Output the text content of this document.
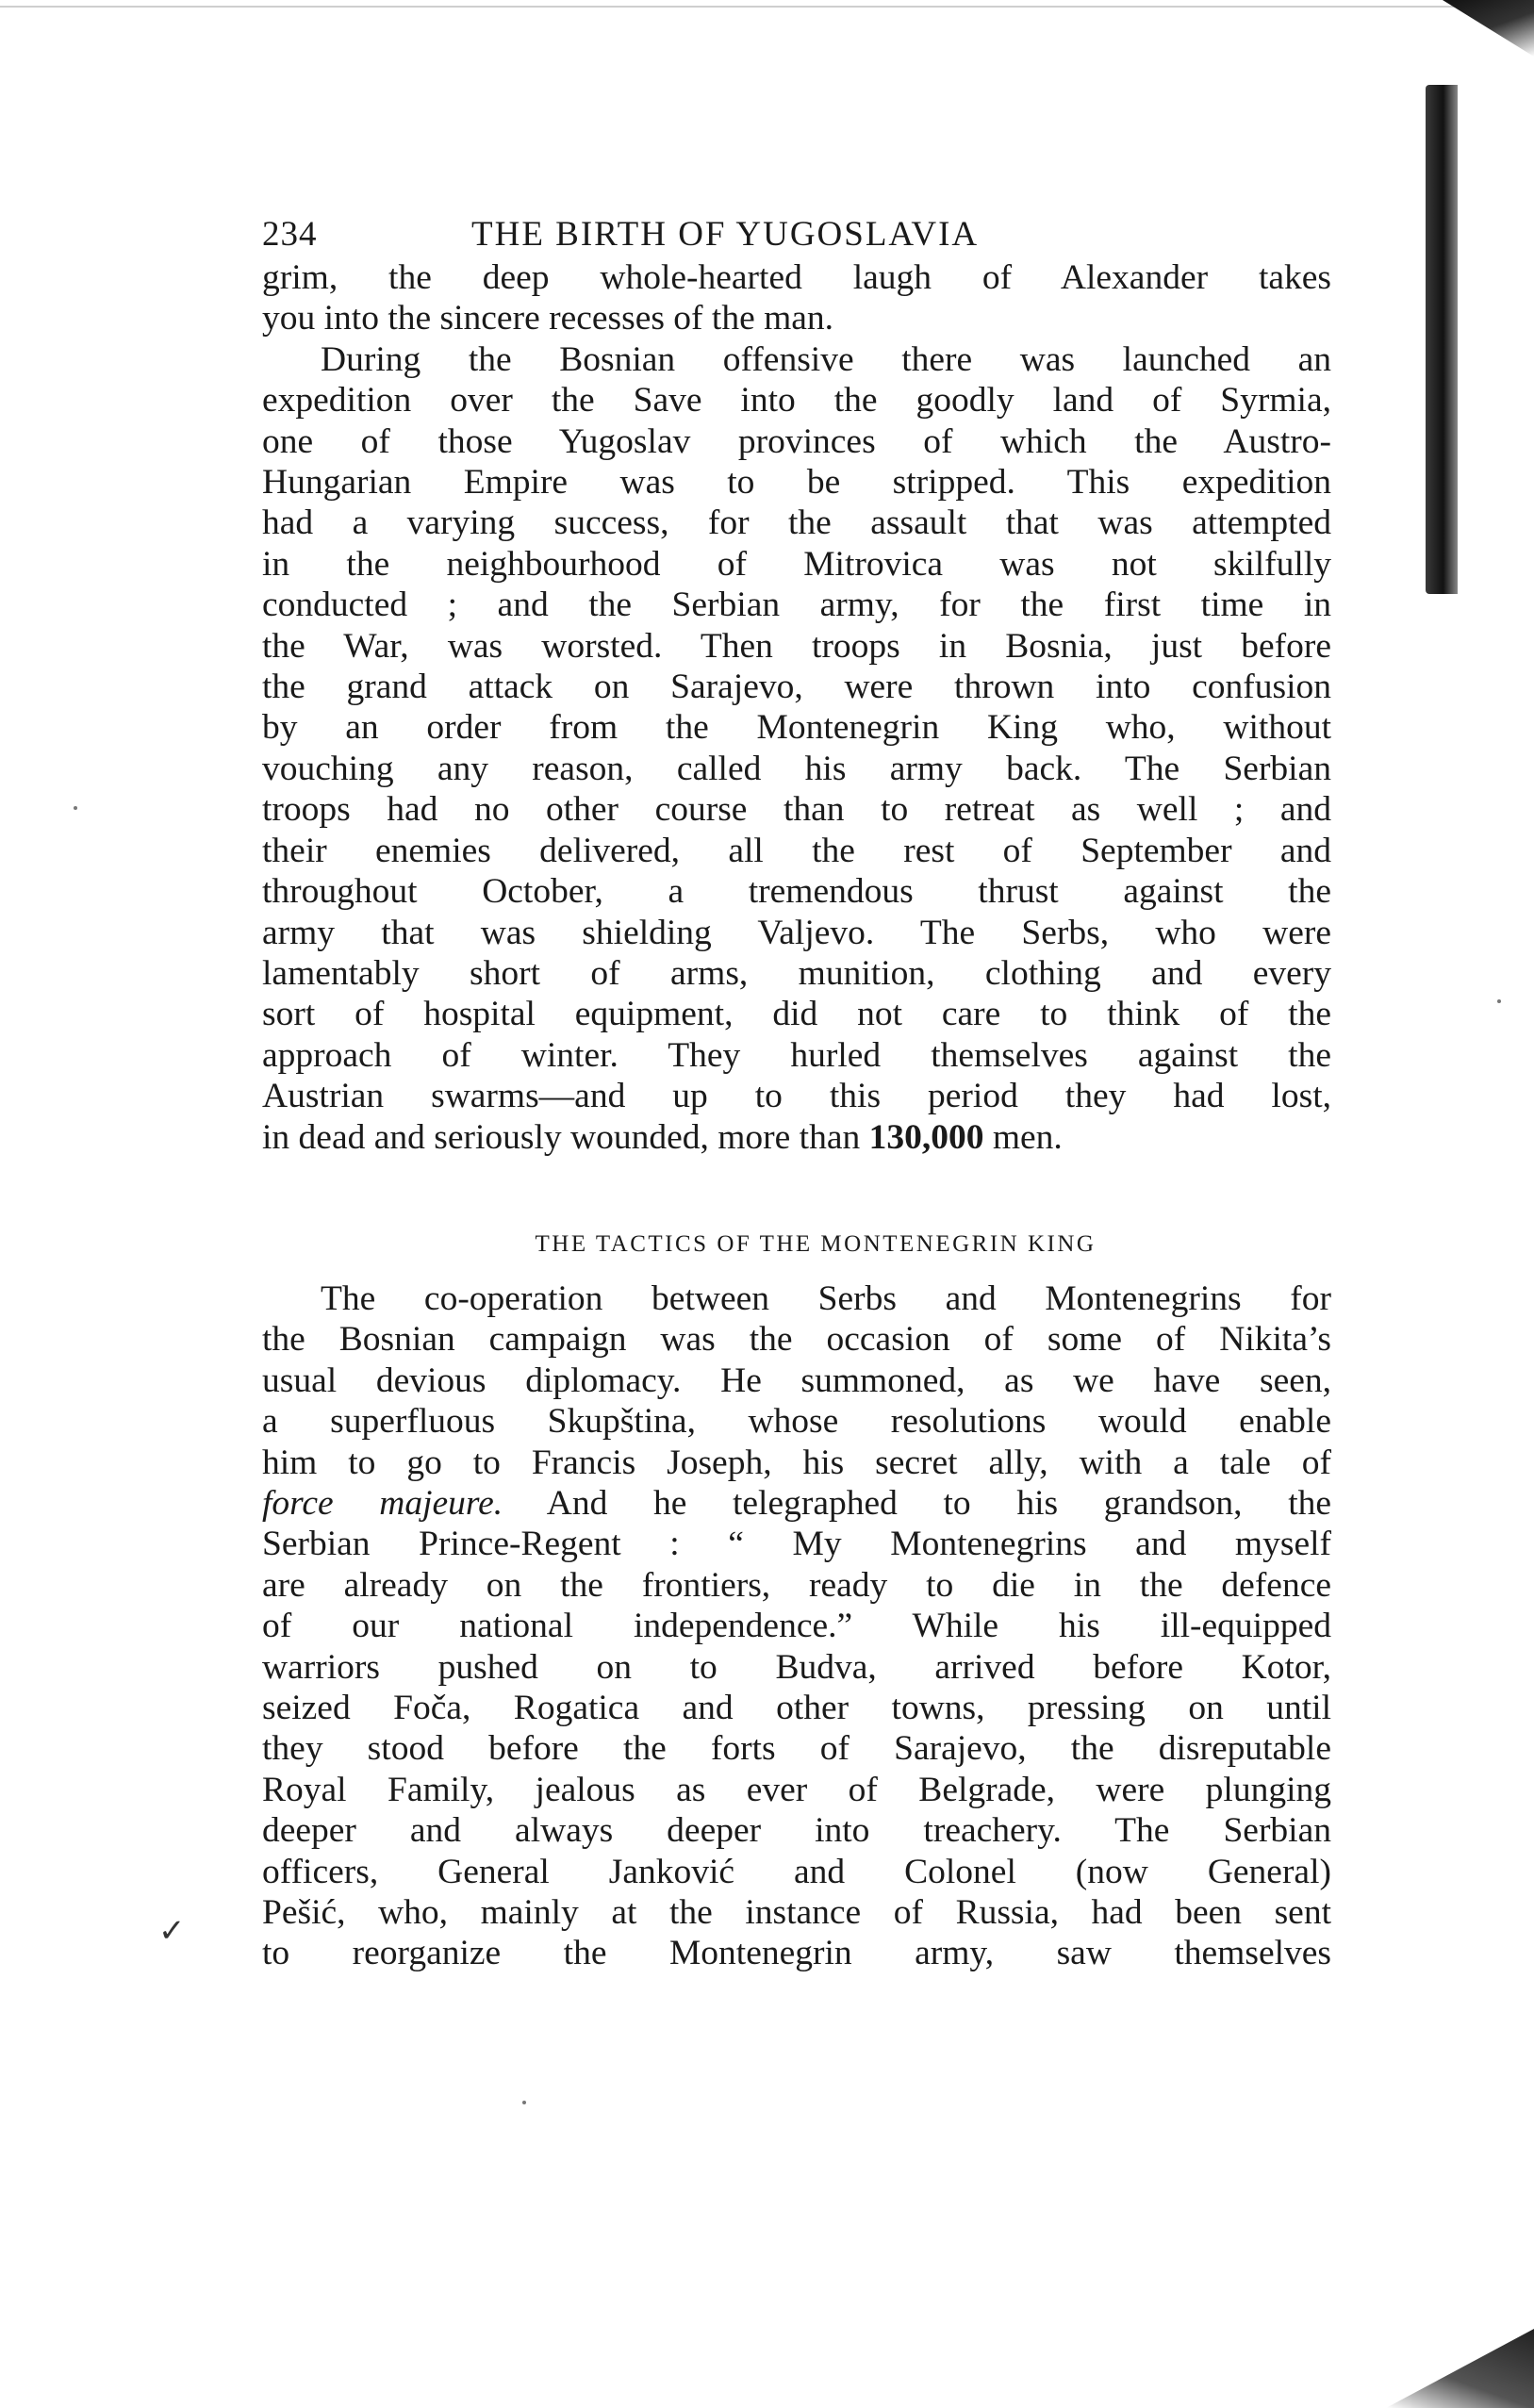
✓
234	THE BIRTH OF YUGOSLAVIA
grim, the deep whole-hearted laugh of Alexander takes
you into the sincere recesses of the man.
During the Bosnian offensive there was launched an
expedition over the Save into the goodly land of Syrmia,
one of those Yugoslav provinces of which the Austro-
Hungarian Empire was to be stripped. This expedition
had a varying success, for the assault that was attempted
in the neighbourhood of Mitrovica was not skilfully
conducted ; and the Serbian army, for the first time in
the War, was worsted. Then troops in Bosnia, just before
the grand attack on Sarajevo, were thrown into confusion
by an order from the Montenegrin King who, without
vouching any reason, called his army back. The Serbian
troops had no other course than to retreat as well ; and
their enemies delivered, all the rest of September and
throughout October, a tremendous thrust against the
army that was shielding Valjevo. The Serbs, who were
lamentably short of arms, munition, clothing and every
sort of hospital equipment, did not care to think of the
approach of winter. They hurled themselves against the
Austrian swarms—and up to this period they had lost,
in dead and seriously wounded, more than 130,000 men.
THE TACTICS OF THE MONTENEGRIN KING
The co-operation between Serbs and Montenegrins for
the Bosnian campaign was the occasion of some of Nikita’s
usual devious diplomacy. He summoned, as we have seen,
a superfluous Skupština, whose resolutions would enable
him to go to Francis Joseph, his secret ally, with a tale of
force majeure. And he telegraphed to his grandson, the
Serbian Prince-Regent : “ My Montenegrins and myself
are already on the frontiers, ready to die in the defence
of our national independence.” While his ill-equipped
warriors pushed on to Budva, arrived before Kotor,
seized Foča, Rogatica and other towns, pressing on until
they stood before the forts of Sarajevo, the disreputable
Royal Family, jealous as ever of Belgrade, were plunging
deeper and always deeper into treachery. The Serbian
officers, General Janković and Colonel (now General)
Pešić, who, mainly at the instance of Russia, had been sent
to reorganize the Montenegrin army, saw themselves
